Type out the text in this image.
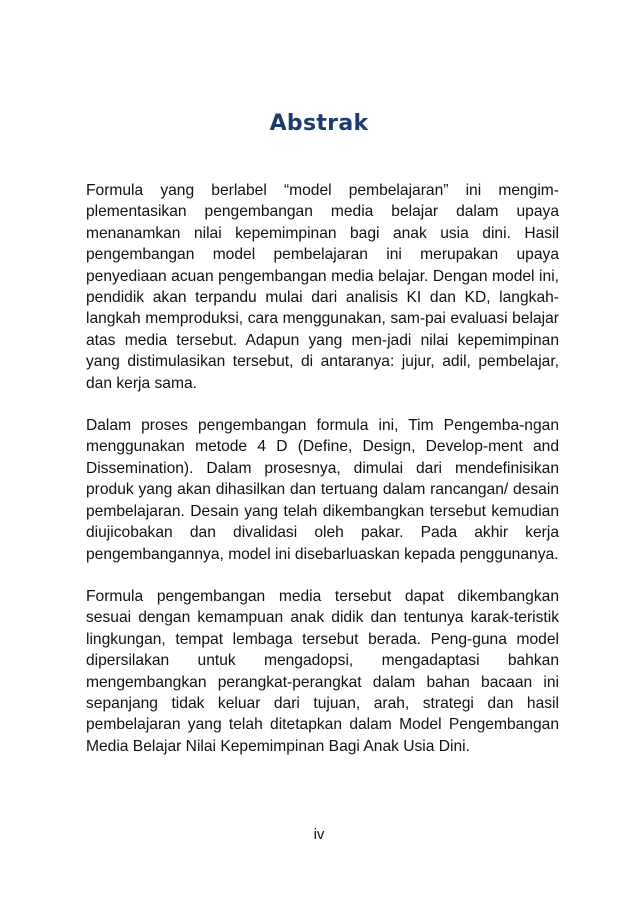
Abstrak

Formula yang berlabel “model pembelajaran” ini mengim-plementasikan pengembangan media belajar dalam upaya menanamkan nilai kepemimpinan bagi anak usia dini. Hasil pengembangan model pembelajaran ini merupakan upaya penyediaan acuan pengembangan media belajar. Dengan model ini, pendidik akan terpandu mulai dari analisis KI dan KD, langkah-langkah memproduksi, cara menggunakan, sam-pai evaluasi belajar atas media tersebut. Adapun yang men-jadi nilai kepemimpinan yang distimulasikan tersebut, di antaranya: jujur, adil, pembelajar, dan kerja sama.

Dalam proses pengembangan formula ini, Tim Pengemba-ngan menggunakan metode 4 D (Define, Design, Develop-ment and Dissemination). Dalam prosesnya, dimulai dari mendefinisikan produk yang akan dihasilkan dan tertuang dalam rancangan/ desain pembelajaran. Desain yang telah dikembangkan tersebut kemudian diujicobakan dan divalidasi oleh pakar. Pada akhir kerja pengembangannya, model ini disebarluaskan kepada penggunanya.

Formula pengembangan media tersebut dapat dikembangkan sesuai dengan kemampuan anak didik dan tentunya karak-teristik lingkungan, tempat lembaga tersebut berada. Peng-guna model dipersilakan untuk mengadopsi, mengadaptasi bahkan mengembangkan perangkat-perangkat dalam bahan bacaan ini sepanjang tidak keluar dari tujuan, arah, strategi dan hasil pembelajaran yang telah ditetapkan dalam Model Pengembangan Media Belajar Nilai Kepemimpinan Bagi Anak Usia Dini.

iv
